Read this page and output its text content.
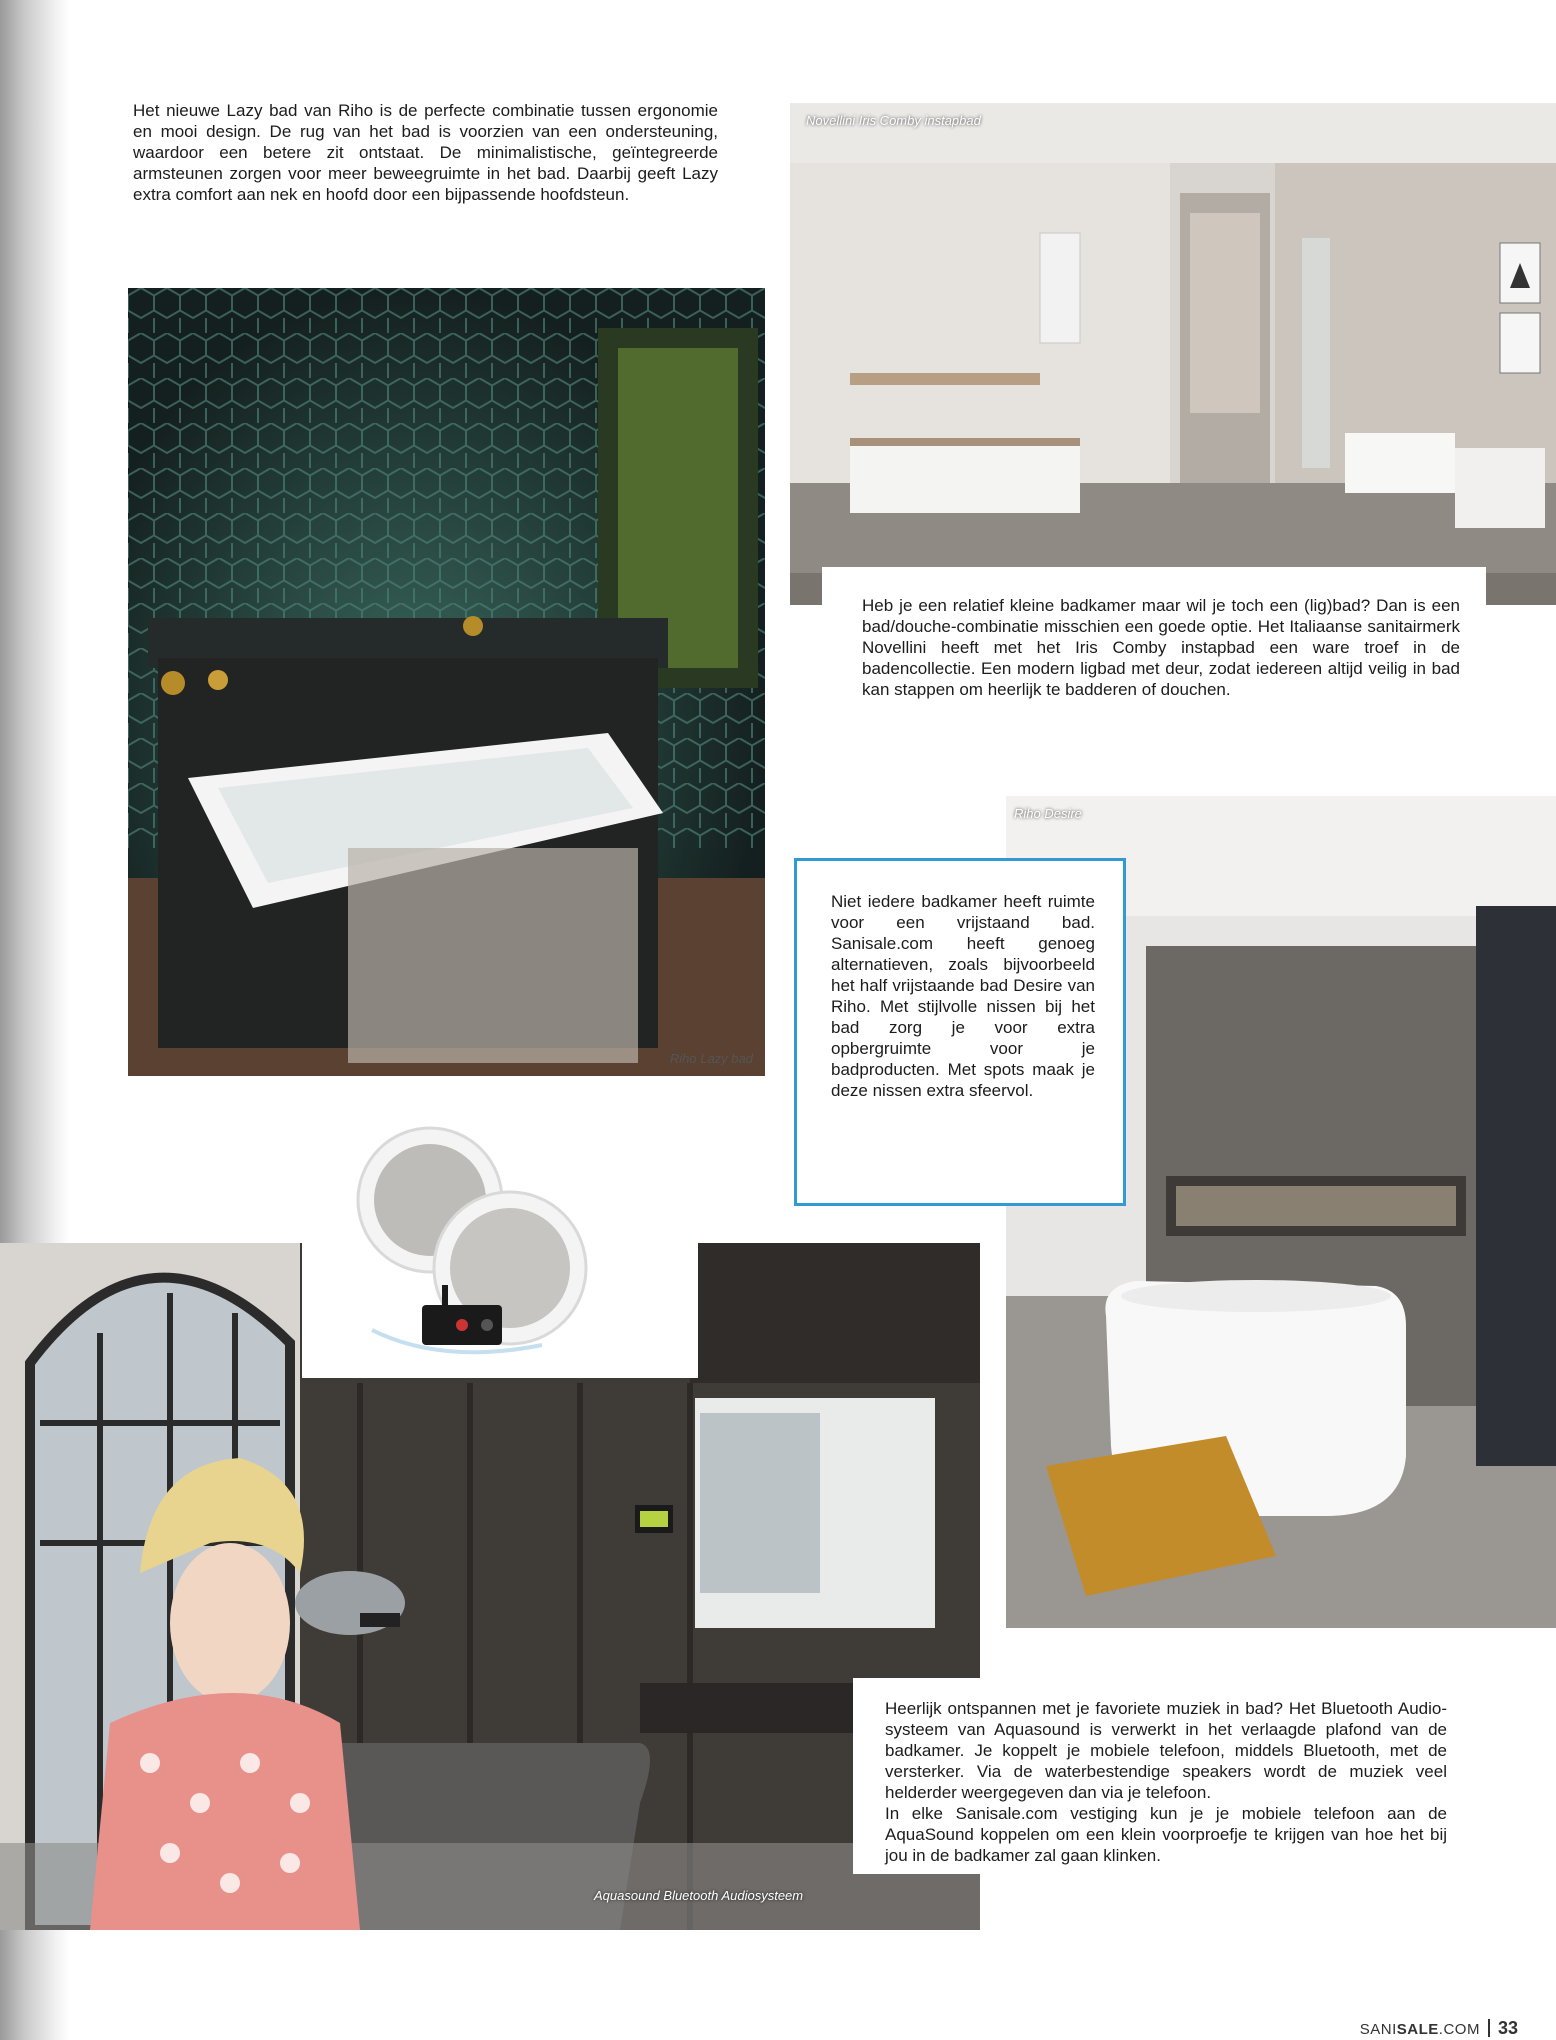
Het nieuwe Lazy bad van Riho is de perfecte combinatie tussen ergonomie en mooi design. De rug van het bad is voorzien van een ondersteuning, waardoor een betere zit ontstaat. De minimalistische, geïntegreerde armsteunen zorgen voor meer beweegruimte in het bad. Daarbij geeft Lazy extra comfort aan nek en hoofd door een bijpassende hoofdsteun.

Novellini Iris Comby instapbad

Heb je een relatief kleine badkamer maar wil je toch een (lig)bad? Dan is een bad/douche-combinatie misschien een goede optie. Het Italiaanse sanitairmerk Novellini heeft met het Iris Comby instapbad een ware troef in de badencollectie. Een modern ligbad met deur, zodat iedereen altijd veilig in bad kan stappen om heerlijk te badderen of douchen.

Riho Lazy bad
Riho Desire

Niet iedere badkamer heeft ruimte voor een vrijstaand bad. Sanisale.com heeft genoeg alternatieven, zoals bijvoorbeeld het half vrijstaande bad Desire van Riho. Met stijlvolle nissen bij het bad zorg je voor extra opbergruimte voor je badproducten. Met spots maak je deze nissen extra sfeervol.

Aquasound Bluetooth Audiosysteem

Heerlijk ontspannen met je favoriete muziek in bad? Het Bluetooth Audio-systeem van Aquasound is verwerkt in het verlaagde plafond van de badkamer. Je koppelt je mobiele telefoon, middels Bluetooth, met de versterker. Via de waterbestendige speakers wordt de muziek veel helderder weergegeven dan via je telefoon.

In elke Sanisale.com vestiging kun je je mobiele telefoon aan de AquaSound koppelen om een klein voorproefje te krijgen van hoe het bij jou in de badkamer zal gaan klinken.

SANISALE.COM 33
